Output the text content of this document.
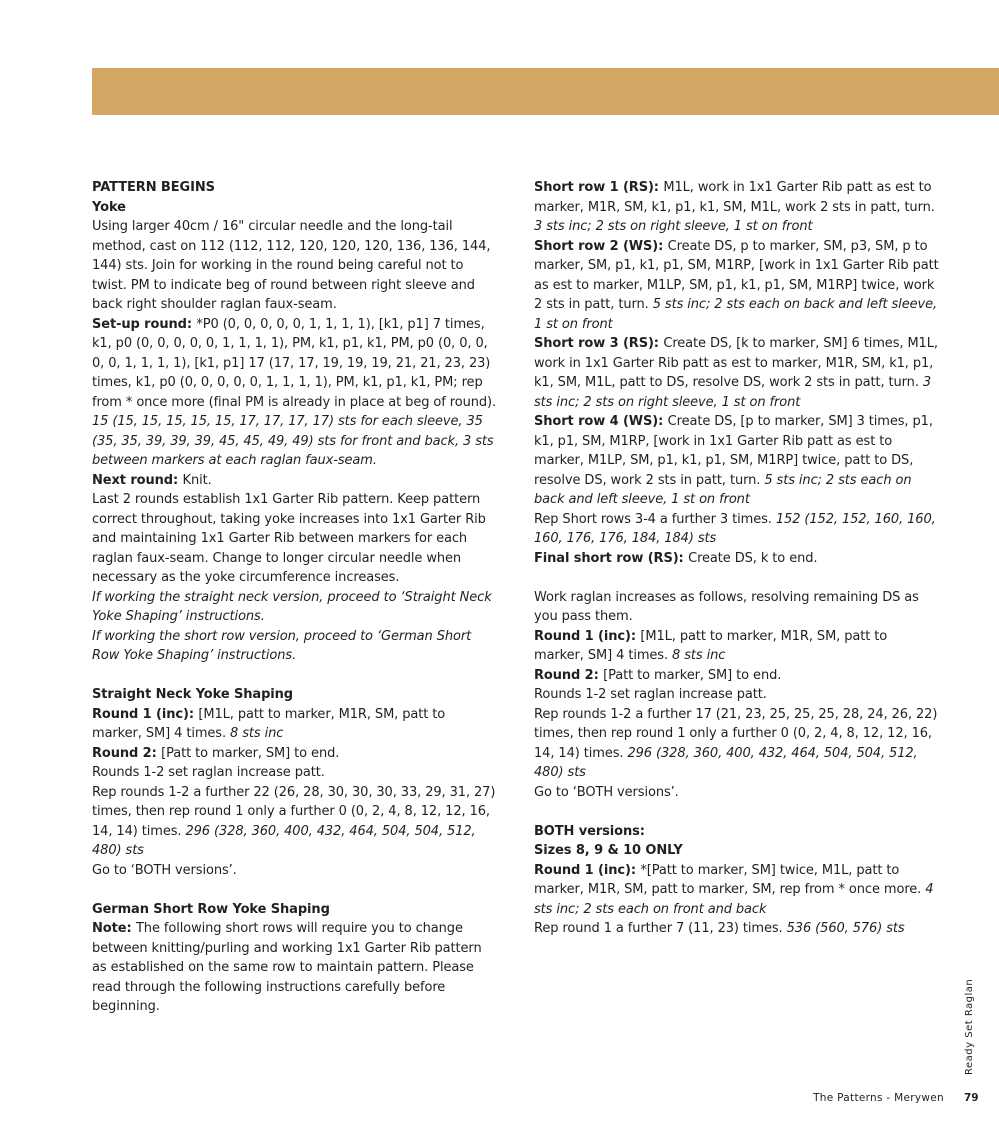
PATTERN BEGINS

Yoke

Using larger 40cm / 16" circular needle and the long-tail method, cast on 112 (112, 112, 120, 120, 120, 136, 136, 144, 144) sts. Join for working in the round being careful not to twist. PM to indicate beg of round between right sleeve and back right shoulder raglan faux-seam.

Set-up round: *P0 (0, 0, 0, 0, 0, 1, 1, 1, 1), [k1, p1] 7 times, k1, p0 (0, 0, 0, 0, 0, 1, 1, 1, 1), PM, k1, p1, k1, PM, p0 (0, 0, 0, 0, 0, 1, 1, 1, 1), [k1, p1] 17 (17, 17, 19, 19, 19, 21, 21, 23, 23) times, k1, p0 (0, 0, 0, 0, 0, 1, 1, 1, 1), PM, k1, p1, k1, PM; rep from * once more (final PM is already in place at beg of round). 15 (15, 15, 15, 15, 15, 17, 17, 17, 17) sts for each sleeve, 35 (35, 35, 39, 39, 39, 45, 45, 49, 49) sts for front and back, 3 sts between markers at each raglan faux-seam.

Next round: Knit.

Last 2 rounds establish 1x1 Garter Rib pattern. Keep pattern correct throughout, taking yoke increases into 1x1 Garter Rib and maintaining 1x1 Garter Rib between markers for each raglan faux-seam. Change to longer circular needle when necessary as the yoke circumference increases.

If working the straight neck version, proceed to ‘Straight Neck Yoke Shaping’ instructions.

If working the short row version, proceed to ‘German Short Row Yoke Shaping’ instructions.

Straight Neck Yoke Shaping

Round 1 (inc): [M1L, patt to marker, M1R, SM, patt to marker, SM] 4 times. 8 sts inc

Round 2: [Patt to marker, SM] to end.

Rounds 1-2 set raglan increase patt.

Rep rounds 1-2 a further 22 (26, 28, 30, 30, 30, 33, 29, 31, 27) times, then rep round 1 only a further 0 (0, 2, 4, 8, 12, 12, 16, 14, 14) times. 296 (328, 360, 400, 432, 464, 504, 504, 512, 480) sts

Go to ‘BOTH versions’.

German Short Row Yoke Shaping

Note: The following short rows will require you to change between knitting/purling and working 1x1 Garter Rib pattern as established on the same row to maintain pattern. Please read through the following instructions carefully before beginning.

Short row 1 (RS): M1L, work in 1x1 Garter Rib patt as est to marker, M1R, SM, k1, p1, k1, SM, M1L, work 2 sts in patt, turn. 3 sts inc; 2 sts on right sleeve, 1 st on front

Short row 2 (WS): Create DS, p to marker, SM, p3, SM, p to marker, SM, p1, k1, p1, SM, M1RP, [work in 1x1 Garter Rib patt as est to marker, M1LP, SM, p1, k1, p1, SM, M1RP] twice, work 2 sts in patt, turn. 5 sts inc; 2 sts each on back and left sleeve, 1 st on front

Short row 3 (RS): Create DS, [k to marker, SM] 6 times, M1L, work in 1x1 Garter Rib patt as est to marker, M1R, SM, k1, p1, k1, SM, M1L, patt to DS, resolve DS, work 2 sts in patt, turn. 3 sts inc; 2 sts on right sleeve, 1 st on front

Short row 4 (WS): Create DS, [p to marker, SM] 3 times, p1, k1, p1, SM, M1RP, [work in 1x1 Garter Rib patt as est to marker, M1LP, SM, p1, k1, p1, SM, M1RP] twice, patt to DS, resolve DS, work 2 sts in patt, turn. 5 sts inc; 2 sts each on back and left sleeve, 1 st on front

Rep Short rows 3-4 a further 3 times. 152 (152, 152, 160, 160, 160, 176, 176, 184, 184) sts

Final short row (RS): Create DS, k to end.

Work raglan increases as follows, resolving remaining DS as you pass them.

Round 1 (inc): [M1L, patt to marker, M1R, SM, patt to marker, SM] 4 times. 8 sts inc

Round 2: [Patt to marker, SM] to end.

Rounds 1-2 set raglan increase patt.

Rep rounds 1-2 a further 17 (21, 23, 25, 25, 25, 28, 24, 26, 22) times, then rep round 1 only a further 0 (0, 2, 4, 8, 12, 12, 16, 14, 14) times. 296 (328, 360, 400, 432, 464, 504, 504, 512, 480) sts

Go to ‘BOTH versions’.

BOTH versions:

Sizes 8, 9 & 10 ONLY

Round 1 (inc): *[Patt to marker, SM] twice, M1L, patt to marker, M1R, SM, patt to marker, SM, rep from * once more. 4 sts inc; 2 sts each on front and back

Rep round 1 a further 7 (11, 23) times. 536 (560, 576) sts

Ready Set Raglan
The Patterns - Merywen 79
